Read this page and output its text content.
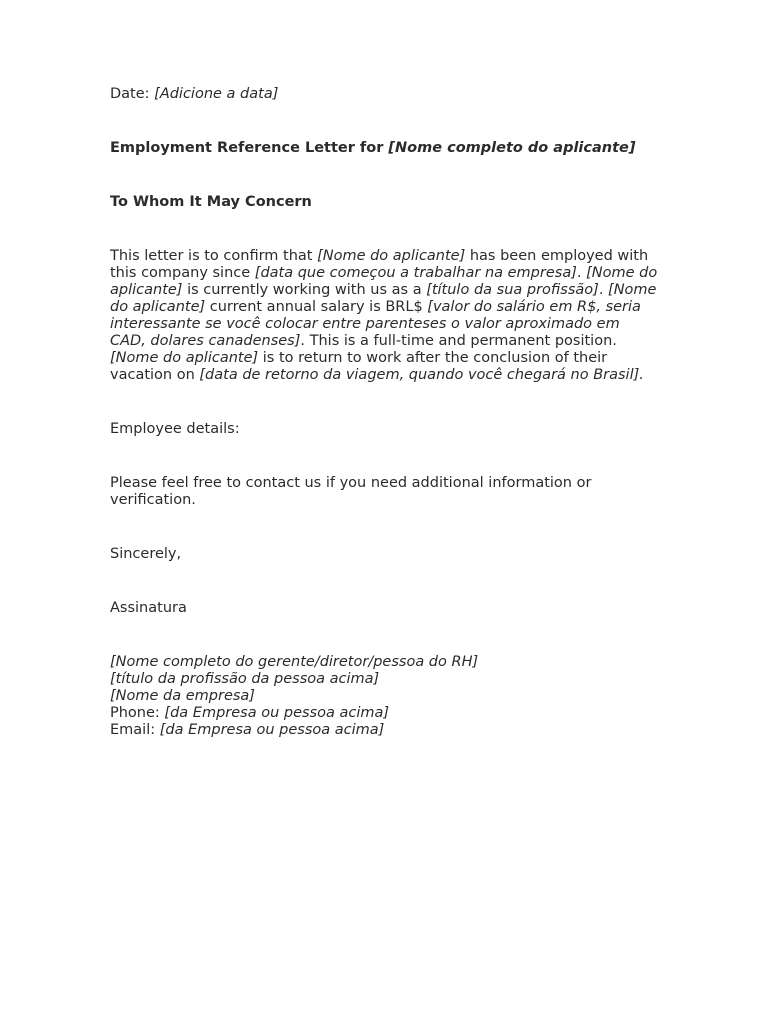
Date: [Adicione a data]

Employment Reference Letter for [Nome completo do aplicante]

To Whom It May Concern

This letter is to confirm that [Nome do aplicante] has been employed with this company since [data que começou a trabalhar na empresa]. [Nome do aplicante] is currently working with us as a [título da sua profissão]. [Nome do aplicante] current annual salary is BRL$ [valor do salário em R$, seria interessante se você colocar entre parenteses o valor aproximado em CAD, dolares canadenses]. This is a full-time and permanent position. [Nome do aplicante] is to return to work after the conclusion of their vacation on [data de retorno da viagem, quando você chegará no Brasil].

Employee details:

Please feel free to contact us if you need additional information or verification.

Sincerely,

Assinatura

[Nome completo do gerente/diretor/pessoa do RH]

[título da profissão da pessoa acima]

[Nome da empresa]

Phone: [da Empresa ou pessoa acima]

Email: [da Empresa ou pessoa acima]
